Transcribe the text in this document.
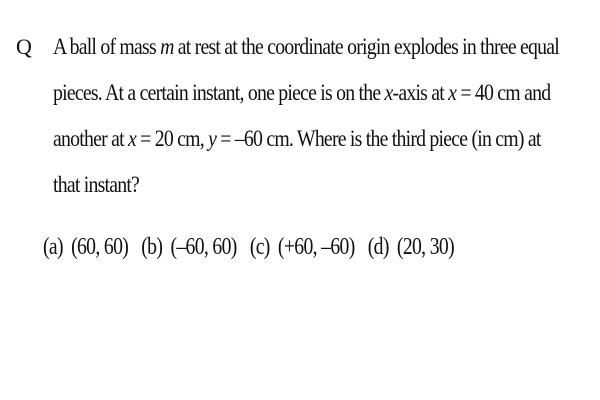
Q A ball of mass m at rest at the coordinate origin explodes in three equal
pieces. At a certain instant, one piece is on the x-axis at x = 40 cm and
another at x = 20 cm, y = –60 cm. Where is the third piece (in cm) at
that instant?
(a) (60, 60) (b) (–60, 60) (c) (+60, –60) (d) (20, 30)
